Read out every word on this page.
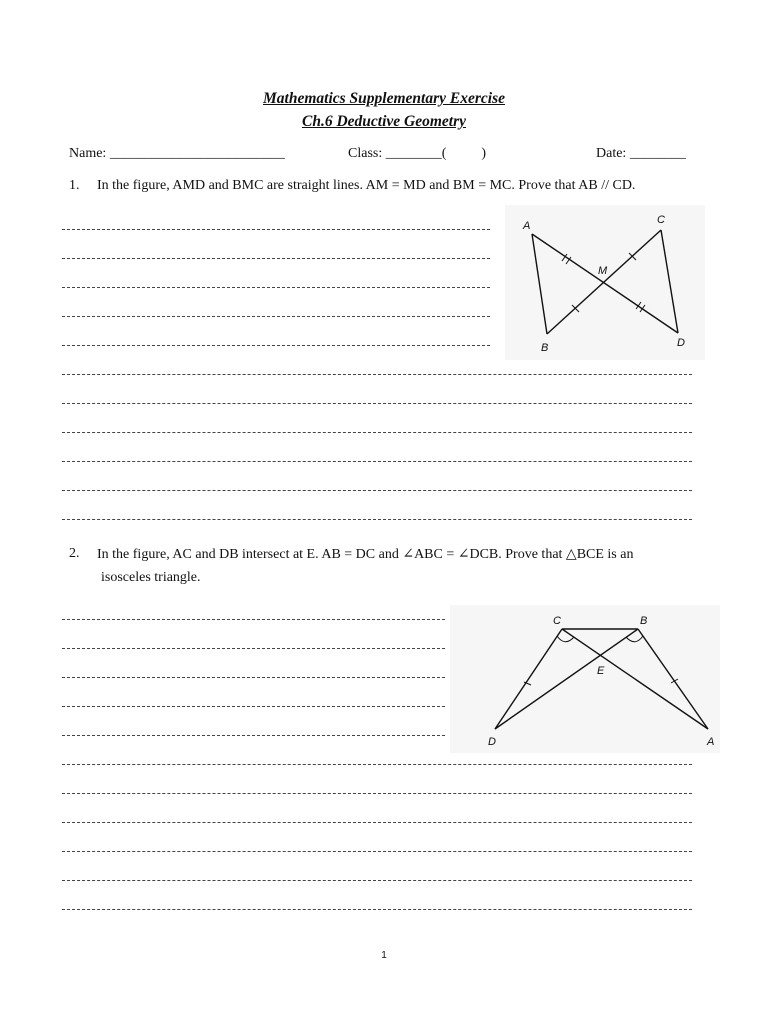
Mathematics Supplementary Exercise
Ch.6 Deductive Geometry
Name: _________________________	Class: ________(          )	Date: ________
1. In the figure, AMD and BMC are straight lines. AM = MD and BM = MC. Prove that AB // CD.
A
B
C
D
M
2. In the figure, AC and DB intersect at E. AB = DC and ∠ABC = ∠DCB. Prove that △BCE is an
isosceles triangle.
C	B
E
D	A
1
